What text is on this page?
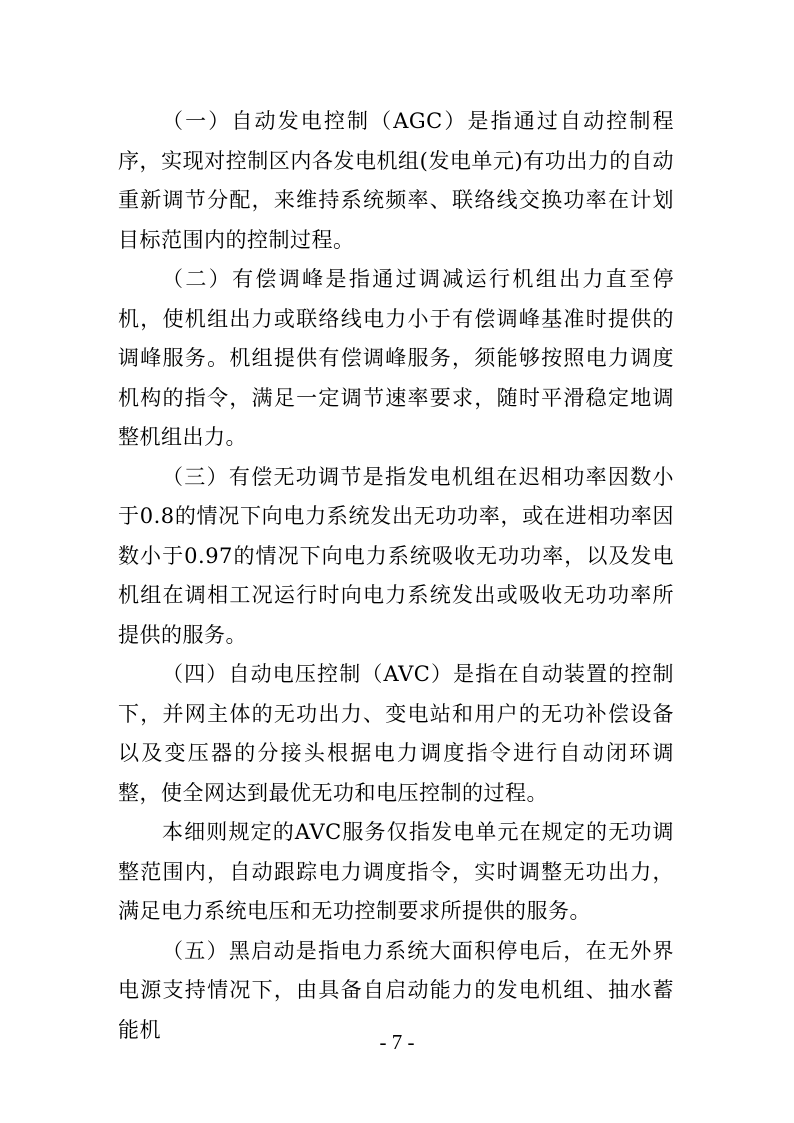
（一）自动发电控制（AGC）是指通过自动控制程序，实现对控制区内各发电机组(发电单元)有功出力的自动重新调节分配，来维持系统频率、联络线交换功率在计划目标范围内的控制过程。

（二）有偿调峰是指通过调减运行机组出力直至停机，使机组出力或联络线电力小于有偿调峰基准时提供的调峰服务。机组提供有偿调峰服务，须能够按照电力调度机构的指令，满足一定调节速率要求，随时平滑稳定地调整机组出力。

（三）有偿无功调节是指发电机组在迟相功率因数小于0.8的情况下向电力系统发出无功功率，或在进相功率因数小于0.97的情况下向电力系统吸收无功功率，以及发电机组在调相工况运行时向电力系统发出或吸收无功功率所提供的服务。

（四）自动电压控制（AVC）是指在自动装置的控制下，并网主体的无功出力、变电站和用户的无功补偿设备以及变压器的分接头根据电力调度指令进行自动闭环调整，使全网达到最优无功和电压控制的过程。

本细则规定的AVC服务仅指发电单元在规定的无功调整范围内，自动跟踪电力调度指令，实时调整无功出力，满足电力系统电压和无功控制要求所提供的服务。

（五）黑启动是指电力系统大面积停电后，在无外界电源支持情况下，由具备自启动能力的发电机组、抽水蓄能机

- 7 -
